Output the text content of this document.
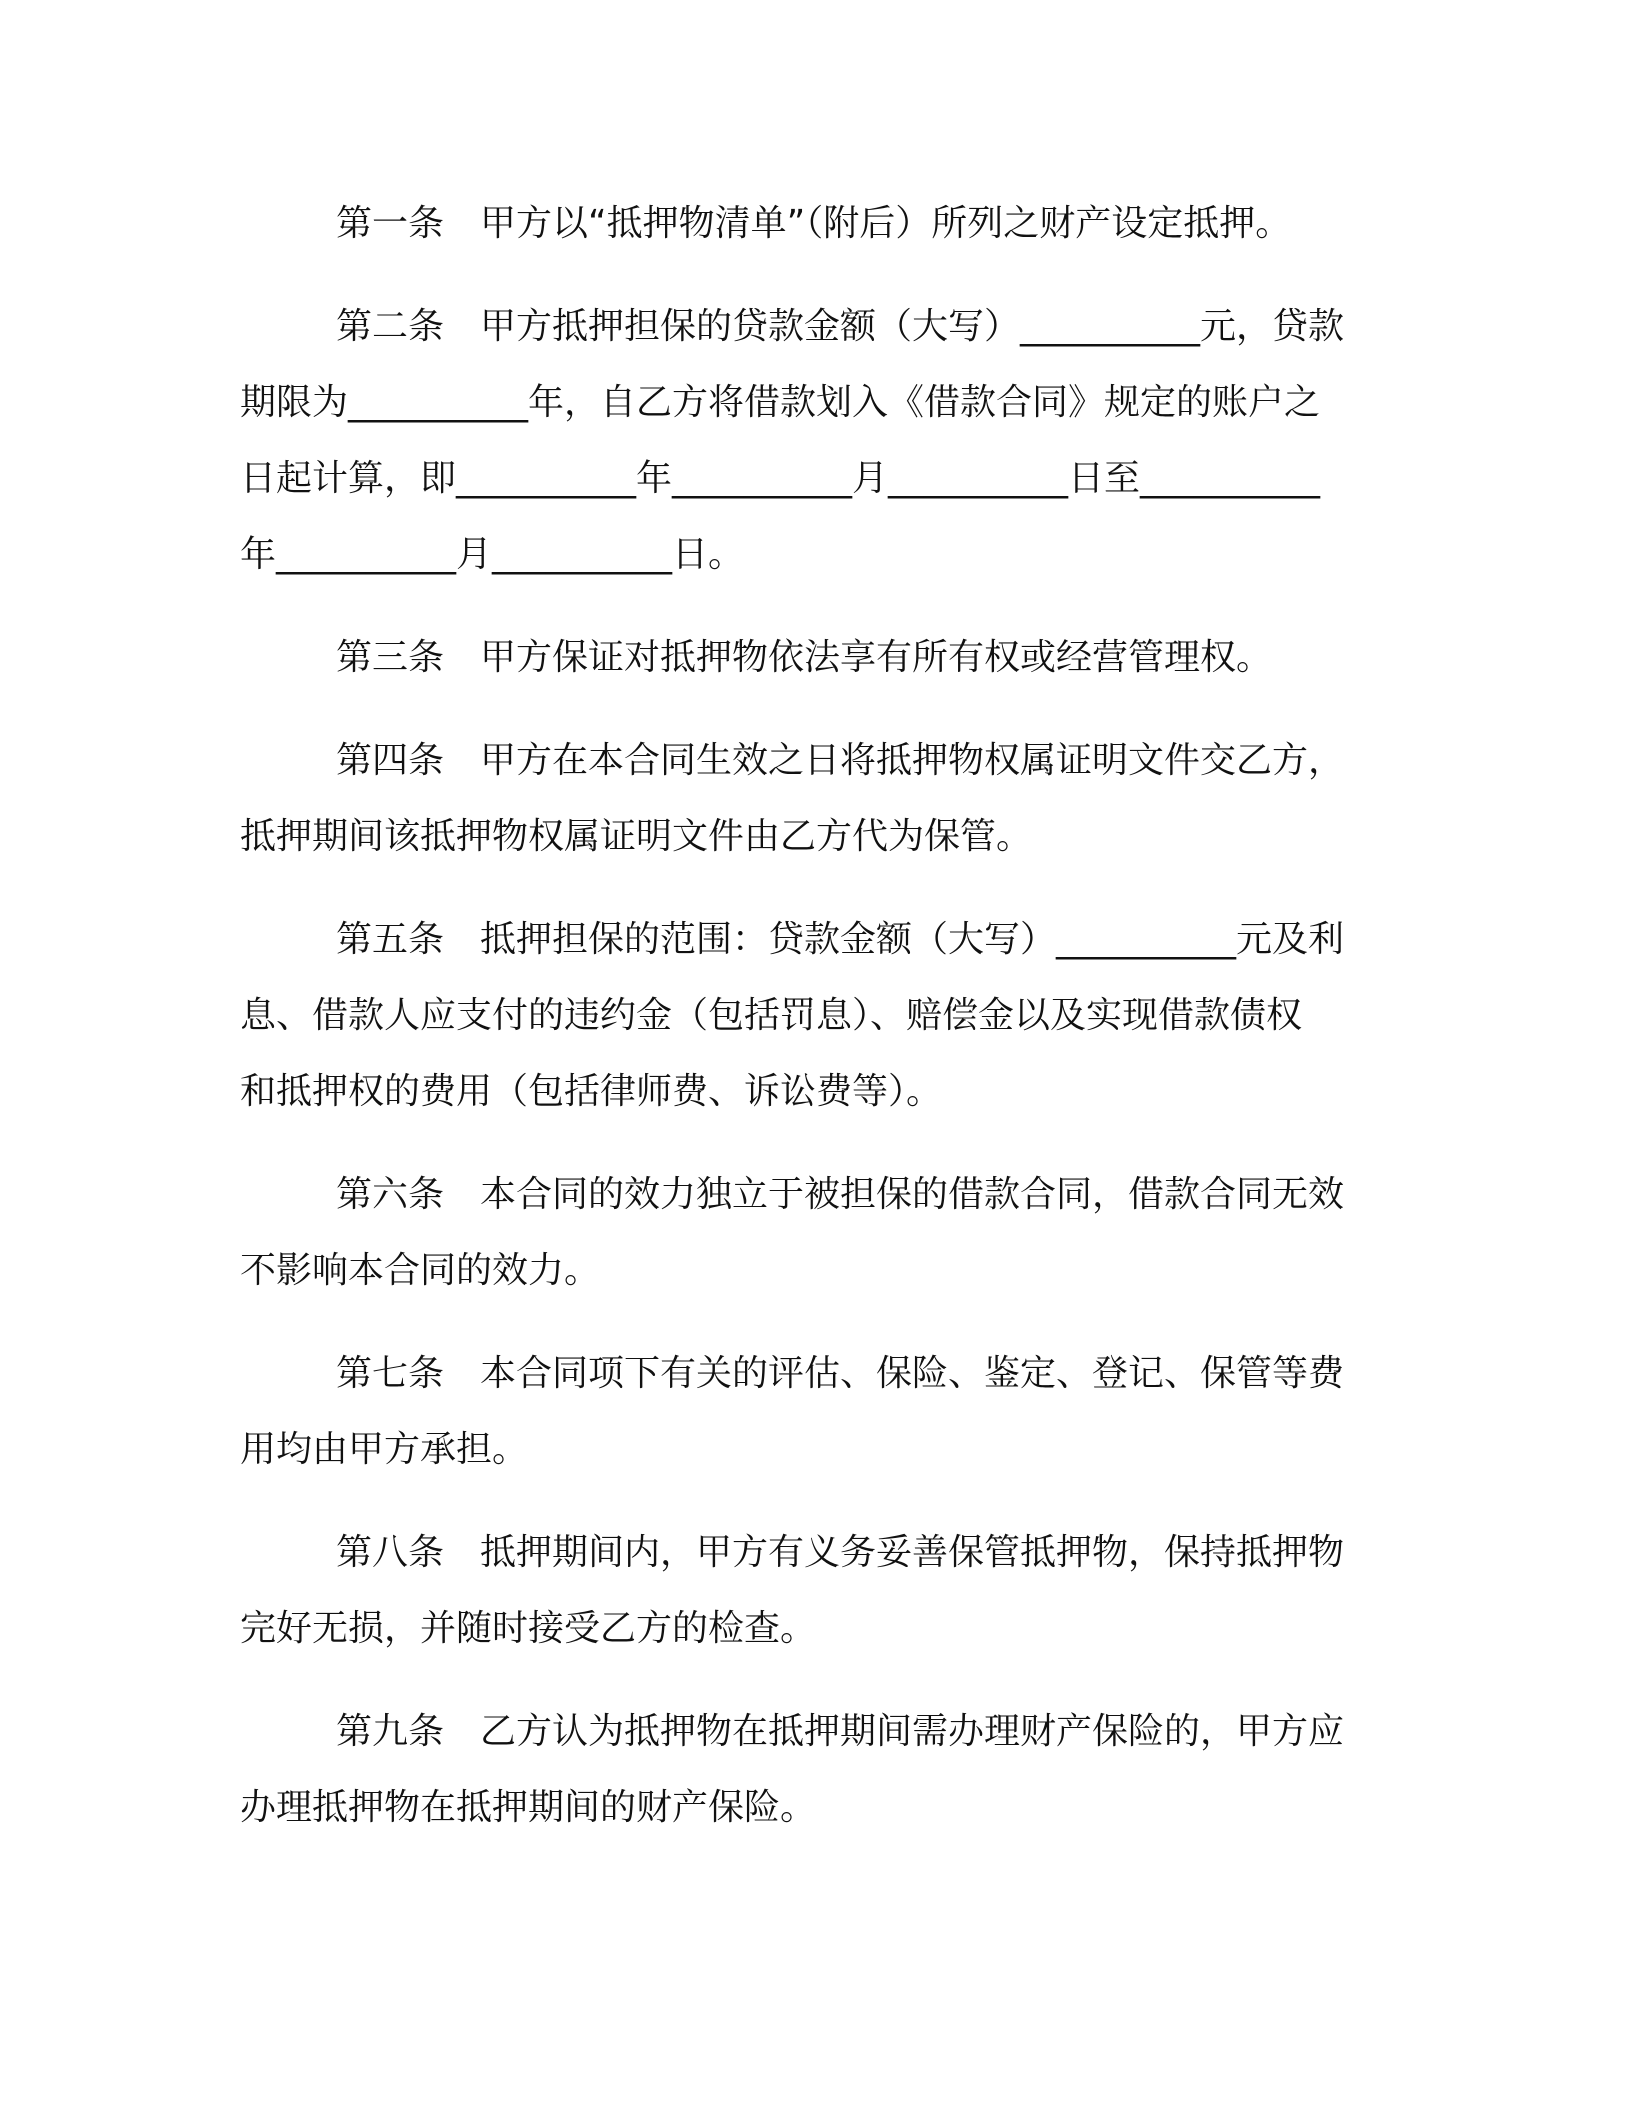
第一条　甲方以“抵押物清单”（附后）所列之财产设定抵押。
第二条　甲方抵押担保的贷款金额（大写）__________元，贷款
期限为__________年，自乙方将借款划入《借款合同》规定的账户之
日起计算，即__________年__________月__________日至__________
年__________月__________日。
第三条　甲方保证对抵押物依法享有所有权或经营管理权。
第四条　甲方在本合同生效之日将抵押物权属证明文件交乙方，
抵押期间该抵押物权属证明文件由乙方代为保管。
第五条　抵押担保的范围：贷款金额（大写）__________元及利
息、借款人应支付的违约金（包括罚息）、赔偿金以及实现借款债权
和抵押权的费用（包括律师费、诉讼费等）。
第六条　本合同的效力独立于被担保的借款合同，借款合同无效
不影响本合同的效力。
第七条　本合同项下有关的评估、保险、鉴定、登记、保管等费
用均由甲方承担。
第八条　抵押期间内，甲方有义务妥善保管抵押物，保持抵押物
完好无损，并随时接受乙方的检查。
第九条　乙方认为抵押物在抵押期间需办理财产保险的，甲方应
办理抵押物在抵押期间的财产保险。
